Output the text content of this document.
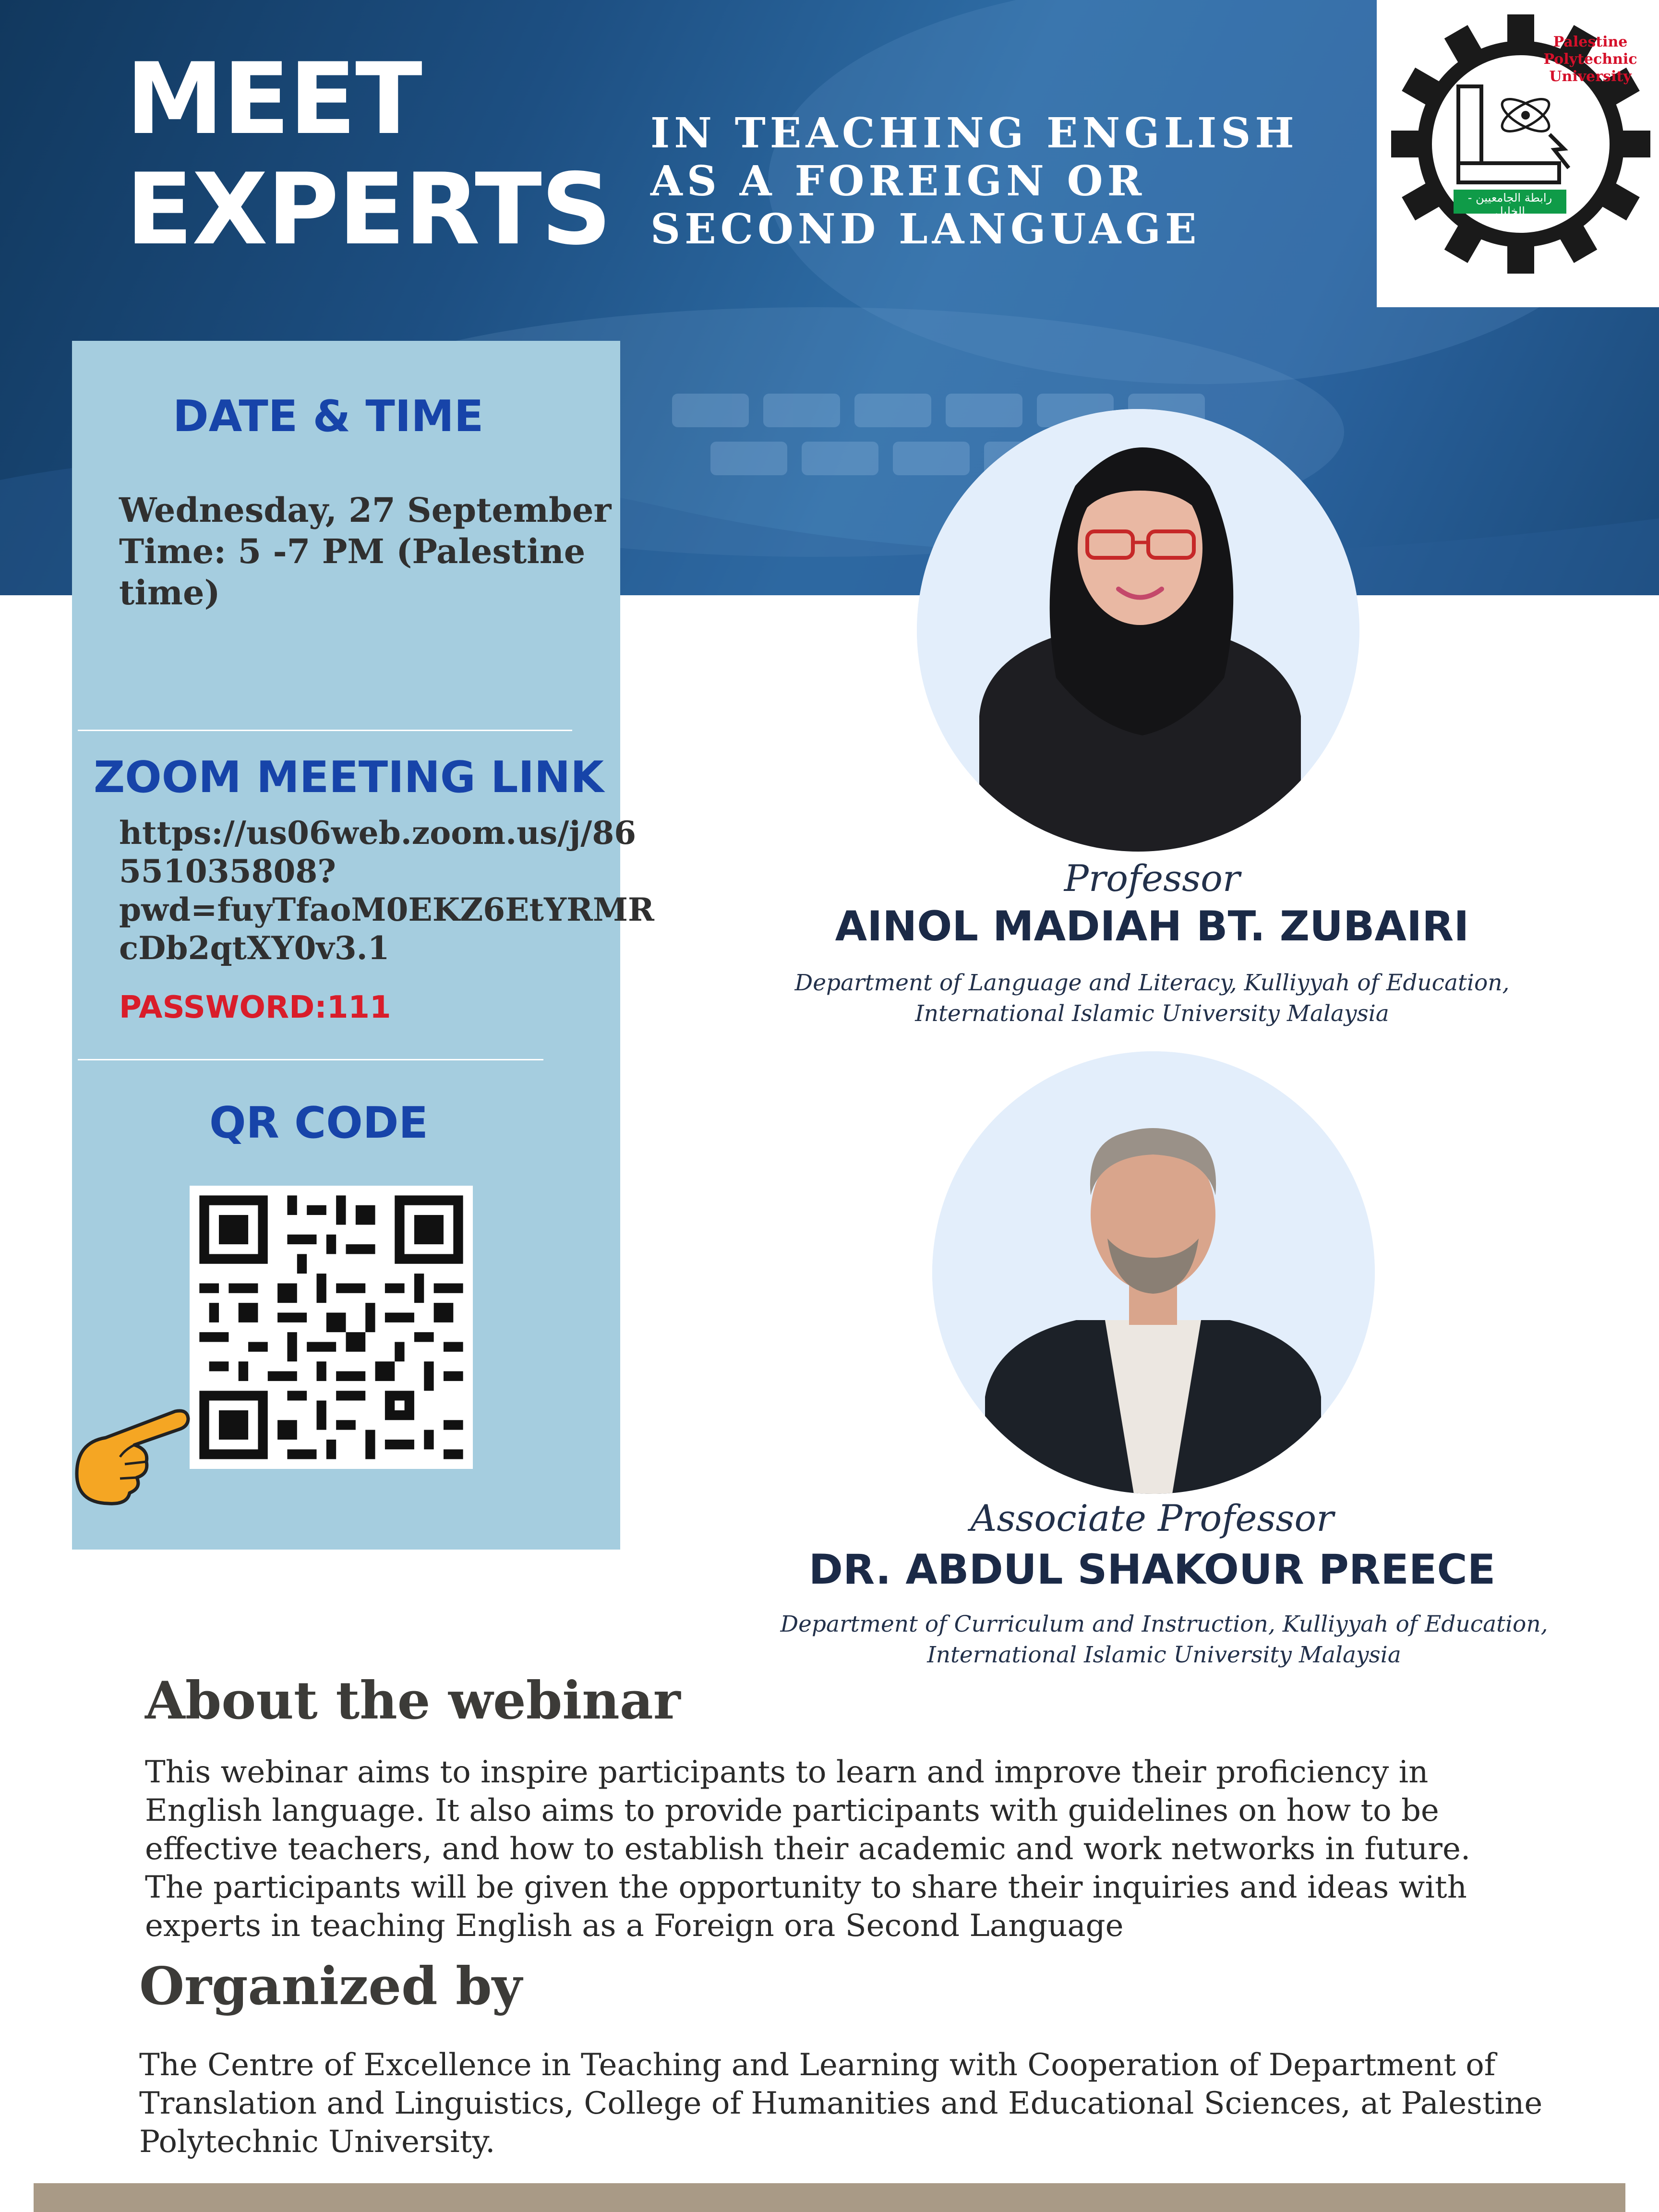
MEET
EXPERTS
IN TEACHING ENGLISH AS A FOREIGN OR SECOND LANGUAGE
Palestine Polytechnic University
رابطة الجامعيين - الخليل
DATE & TIME
Wednesday, 27 September
Time: 5 -7 PM (Palestine
time)
ZOOM MEETING LINK
https://us06web.zoom.us/j/86
551035808?
pwd=fuyTfaoM0EKZ6EtYRMR
cDb2qtXY0v3.1
PASSWORD:111
QR CODE
Professor
AINOL MADIAH BT. ZUBAIRI
Department of Language and Literacy, Kulliyyah of Education,
International Islamic University Malaysia
Associate Professor
DR. ABDUL SHAKOUR PREECE
Department of Curriculum and Instruction, Kulliyyah of Education,
International Islamic University Malaysia
About the webinar
This webinar aims to inspire participants to learn and improve their proficiency in
English language. It also aims to provide participants with guidelines on how to be
effective teachers, and how to establish their academic and work networks in future.
The participants will be given the opportunity to share their inquiries and ideas with
experts in teaching English as a Foreign ora Second Language
Organized by
The Centre of Excellence in Teaching and Learning with Cooperation of Department of
Translation and Linguistics, College of Humanities and Educational Sciences, at Palestine
Polytechnic University.
